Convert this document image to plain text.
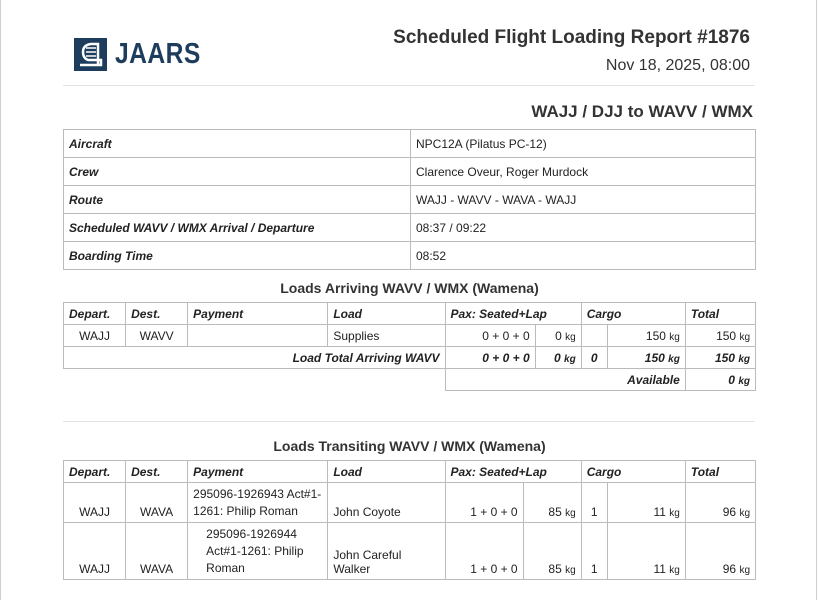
JAARS
Scheduled Flight Loading Report #1876
Nov 18, 2025, 08:00
WAJJ / DJJ to WAVV / WMX
Aircraft	NPC12A (Pilatus PC-12)
Crew	Clarence Oveur, Roger Murdock
Route	WAJJ - WAVV - WAVA - WAJJ
Scheduled WAVV / WMX Arrival / Departure	08:37 / 09:22
Boarding Time	08:52
Loads Arriving WAVV / WMX (Wamena)
Depart.	Dest.	Payment	Load	Pax: Seated+Lap		Cargo		Total
WAJJ	WAVV		Supplies	0 + 0 + 0	0 kg		150 kg	150 kg
Load Total Arriving WAVV				0 + 0 + 0	0 kg	0	150 kg	150 kg
				Available				0 kg
Loads Transiting WAVV / WMX (Wamena)
Depart.	Dest.	Payment	Load	Pax: Seated+Lap		Cargo		Total
WAJJ	WAVA	295096-1926943 Act#1-1261: Philip Roman	John Coyote	1 + 0 + 0	85 kg	1	11 kg	96 kg
WAJJ	WAVA	295096-1926944 Act#1-1261: Philip Roman	John Careful Walker	1 + 0 + 0	85 kg	1	11 kg	96 kg
